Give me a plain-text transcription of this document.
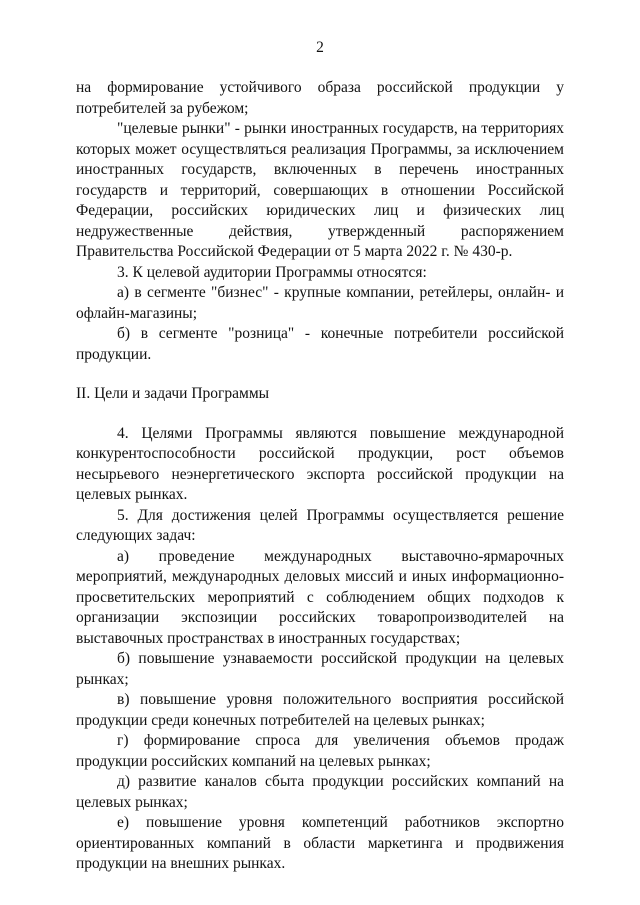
2

на формирование устойчивого образа российской продукции у потребителей за рубежом;

"целевые рынки" - рынки иностранных государств, на территориях которых может осуществляться реализация Программы, за исключением иностранных государств, включенных в перечень иностранных государств и территорий, совершающих в отношении Российской Федерации, российских юридических лиц и физических лиц недружественные действия, утвержденный распоряжением Правительства Российской Федерации от 5 марта 2022 г. № 430-р.

3. К целевой аудитории Программы относятся:

а) в сегменте "бизнес" - крупные компании, ретейлеры, онлайн- и офлайн-магазины;

б) в сегменте "розница" - конечные потребители российской продукции.

II. Цели и задачи Программы

4. Целями Программы являются повышение международной конкурентоспособности российской продукции, рост объемов несырьевого неэнергетического экспорта российской продукции на целевых рынках.

5. Для достижения целей Программы осуществляется решение следующих задач:

а) проведение международных выставочно-ярмарочных мероприятий, международных деловых миссий и иных информационно-просветительских мероприятий с соблюдением общих подходов к организации экспозиции российских товаропроизводителей на выставочных пространствах в иностранных государствах;

б) повышение узнаваемости российской продукции на целевых рынках;

в) повышение уровня положительного восприятия российской продукции среди конечных потребителей на целевых рынках;

г) формирование спроса для увеличения объемов продаж продукции российских компаний на целевых рынках;

д) развитие каналов сбыта продукции российских компаний на целевых рынках;

е) повышение уровня компетенций работников экспортно ориентированных компаний в области маркетинга и продвижения продукции на внешних рынках.
